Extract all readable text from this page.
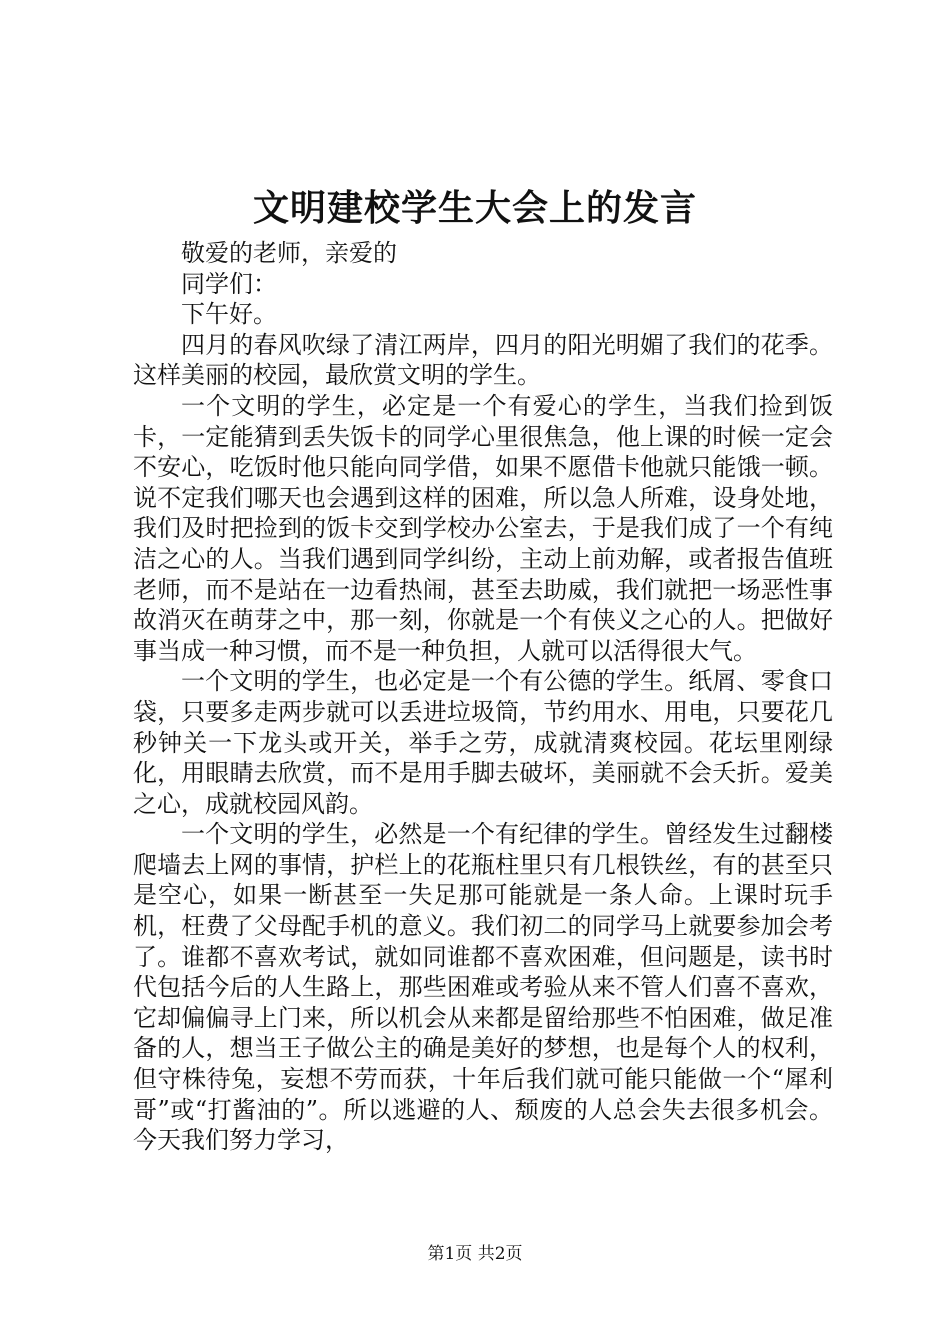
文明建校学生大会上的发言

敬爱的老师，亲爱的

同学们：

下午好。

四月的春风吹绿了清江两岸，四月的阳光明媚了我们的花季。这样美丽的校园，最欣赏文明的学生。

一个文明的学生，必定是一个有爱心的学生，当我们捡到饭卡，一定能猜到丢失饭卡的同学心里很焦急，他上课的时候一定会不安心，吃饭时他只能向同学借，如果不愿借卡他就只能饿一顿。说不定我们哪天也会遇到这样的困难，所以急人所难，设身处地，我们及时把捡到的饭卡交到学校办公室去，于是我们成了一个有纯洁之心的人。当我们遇到同学纠纷，主动上前劝解，或者报告值班老师，而不是站在一边看热闹，甚至去助威，我们就把一场恶性事故消灭在萌芽之中，那一刻，你就是一个有侠义之心的人。把做好事当成一种习惯，而不是一种负担，人就可以活得很大气。

一个文明的学生，也必定是一个有公德的学生。纸屑、零食口袋，只要多走两步就可以丢进垃圾筒，节约用水、用电，只要花几秒钟关一下龙头或开关，举手之劳，成就清爽校园。花坛里刚绿化，用眼睛去欣赏，而不是用手脚去破坏，美丽就不会夭折。爱美之心，成就校园风韵。

一个文明的学生，必然是一个有纪律的学生。曾经发生过翻楼爬墙去上网的事情，护栏上的花瓶柱里只有几根铁丝，有的甚至只是空心，如果一断甚至一失足那可能就是一条人命。上课时玩手机，枉费了父母配手机的意义。我们初二的同学马上就要参加会考了。谁都不喜欢考试，就如同谁都不喜欢困难，但问题是，读书时代包括今后的人生路上，那些困难或考验从来不管人们喜不喜欢，它却偏偏寻上门来，所以机会从来都是留给那些不怕困难，做足准备的人，想当王子做公主的确是美好的梦想，也是每个人的权利，但守株待兔，妄想不劳而获，十年后我们就可能只能做一个“犀利哥”或“打酱油的”。所以逃避的人、颓废的人总会失去很多机会。今天我们努力学习，

第1页 共2页
